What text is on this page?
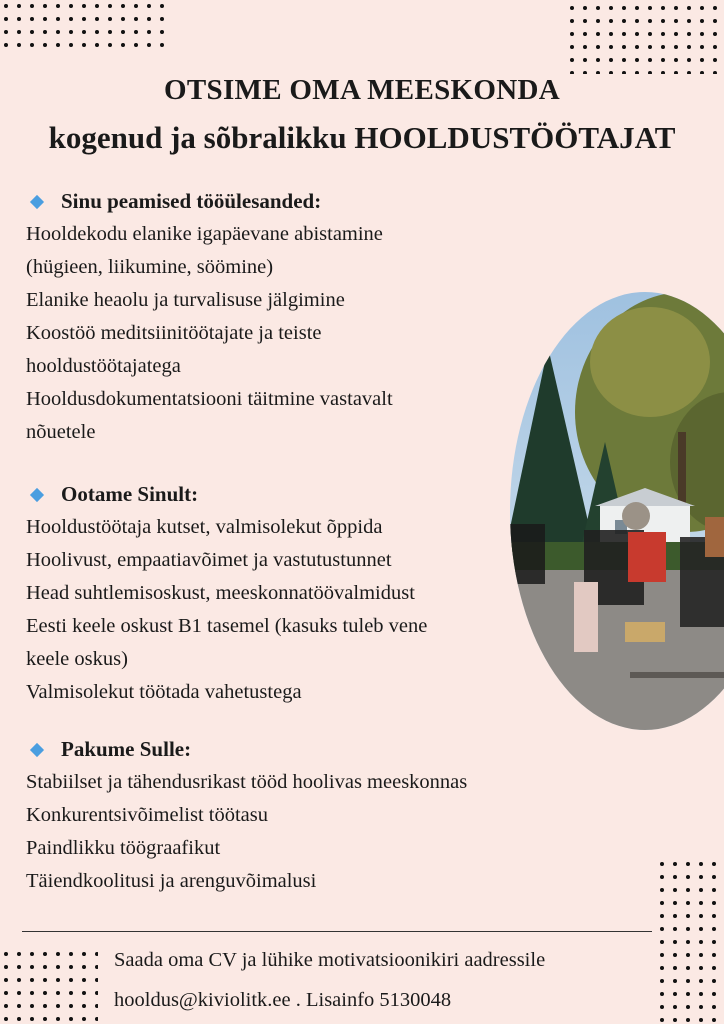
OTSIME OMA MEESKONDA
kogenud ja sõbralikku HOOLDUSTÖÖTAJAT
Sinu peamised tööülesanded:

Hooldekodu elanike igapäevane abistamine

(hügieen, liikumine, söömine)

Elanike heaolu ja turvalisuse jälgimine

Koostöö meditsiinitöötajate ja teiste

hooldustöötajatega

Hooldusdokumentatsiooni täitmine vastavalt

nõuetele

Ootame Sinult:

Hooldustöötaja kutset, valmisolekut õppida

Hoolivust, empaatiavõimet ja vastutustunnet

Head suhtlemisoskust, meeskonnatöövalmidust

Eesti keele oskust B1 tasemel (kasuks tuleb vene

keele oskus)

Valmisolekut töötada vahetustega

Pakume Sulle:

Stabiilset ja tähendusrikast tööd hoolivas meeskonnas

Konkurentsivõimelist töötasu

Paindlikku töögraafikut

Täiendkoolitusi ja arenguvõimalusi

Saada oma CV ja lühike motivatsioonikiri aadressile
hooldus@kiviolitk.ee . Lisainfo 5130048
